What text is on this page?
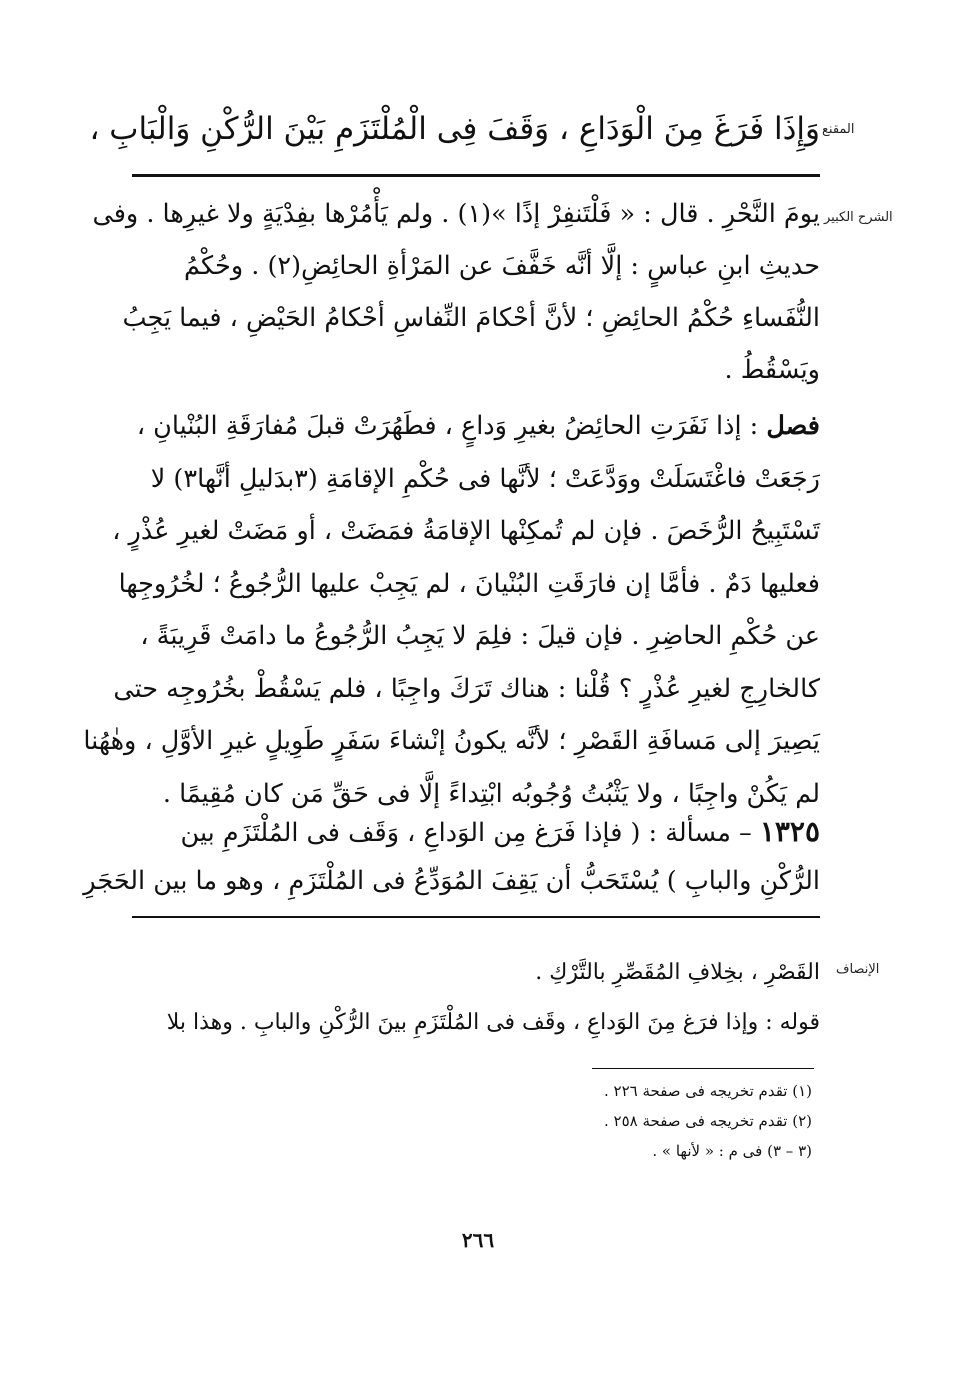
المقنع
الشرح الكبير
الإنصاف
وَإِذَا فَرَغَ مِنَ الْوَدَاعِ ، وَقَفَ فِى الْمُلْتَزَمِ بَيْنَ الرُّكْنِ وَالْبَابِ ،
يومَ النَّحْرِ . قال : « فَلْتَنفِرْ إذًا »(١) . ولم يَأْمُرْها بفِدْيَةٍ ولا غيرِها . وفى
حديثِ ابنِ عباسٍ : إلَّا أنَّه خَفَّفَ عن المَرْأةِ الحائِضِ(٢) . وحُكْمُ
النُّفَساءِ حُكْمُ الحائِضِ ؛ لأنَّ أحْكامَ النِّفاسِ أحْكامُ الحَيْضِ ، فيما يَجِبُ
ويَسْقُطُ .
فصل : إذا نَفَرَتِ الحائِضُ بغيرِ وَداعٍ ، فطَهُرَتْ قبلَ مُفارَقَةِ البُنْيانِ ،
رَجَعَتْ فاغْتَسَلَتْ ووَدَّعَتْ ؛ لأنَّها فى حُكْمِ الإقامَةِ (٣بدَليلِ أنَّها٣) لا
تَسْتَبِيحُ الرُّخَصَ . فإن لم تُمكِنْها الإقامَةُ فمَضَتْ ، أو مَضَتْ لغيرِ عُذْرٍ ،
فعليها دَمٌ . فأمَّا إن فارَقَتِ البُنْيانَ ، لم يَجِبْ عليها الرُّجُوعُ ؛ لخُرُوجِها
عن حُكْمِ الحاضِرِ . فإن قيلَ : فلِمَ لا يَجِبُ الرُّجُوعُ ما دامَتْ قَرِيبَةً ،
كالخارِجِ لغيرِ عُذْرٍ ؟ قُلْنا : هناك تَرَكَ واجِبًا ، فلم يَسْقُطْ بخُرُوجِه حتى
يَصِيرَ إلى مَسافَةِ القَصْرِ ؛ لأنَّه يكونُ إنْشاءَ سَفَرٍ طَوِيلٍ غيرِ الأوَّلِ ، وهٰهُنا
لم يَكُنْ واجِبًا ، ولا يَثْبُتُ وُجُوبُه ابْتِداءً إلَّا فى حَقِّ مَن كان مُقِيمًا .
١٣٢٥ – مسألة : ( فإذا فَرَغ مِن الوَداعِ ، وَقَف فى المُلْتَزَمِ بين
الرُّكْنِ والبابِ ) يُسْتَحَبُّ أن يَقِفَ المُوَدِّعُ فى المُلْتَزَمِ ، وهو ما بين الحَجَرِ
القَصْرِ ، بخِلافِ المُقَصِّرِ بالتَّرْكِ .
قوله : وإذا فرَغ مِنَ الوَداعِ ، وقَف فى المُلْتَزَمِ بينَ الرُّكْنِ والبابِ . وهذا بلا
(١) تقدم تخريجه فى صفحة ٢٢٦ .
(٢) تقدم تخريجه فى صفحة ٢٥٨ .
(٣ – ٣) فى م : « لأنها » .
٢٦٦
